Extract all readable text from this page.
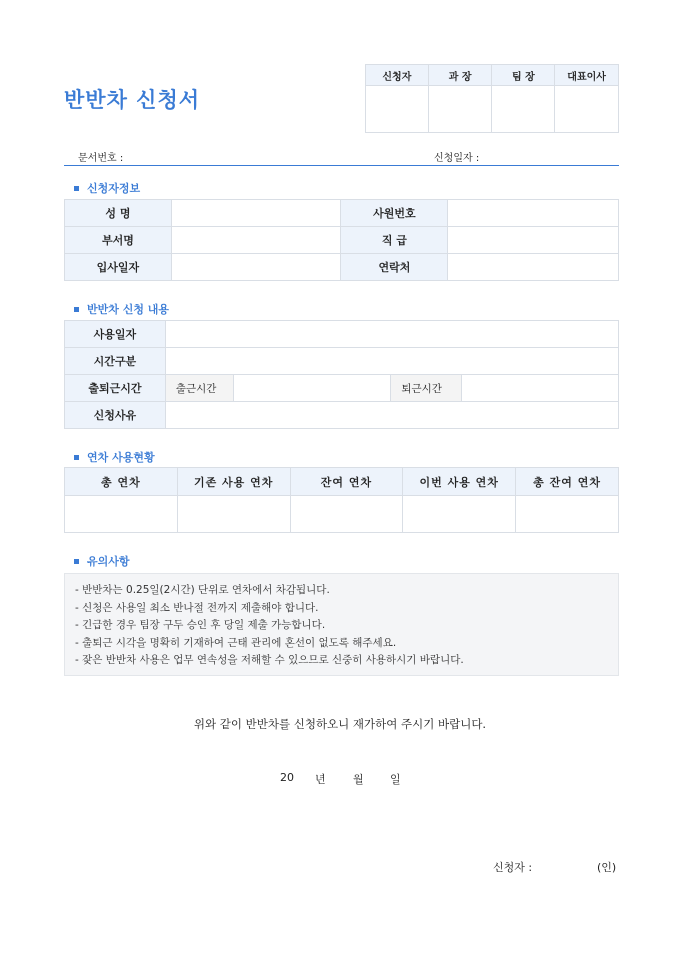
반반차 신청서
신청자	과 장	팀 장	대표이사

문서번호 :	신청일자 :
신청자정보
성 명		사원번호	
부서명		직 급	
입사일자		연락처	
반반차 신청 내용
사용일자				
시간구분				
출퇴근시간	출근시간		퇴근시간	
신청사유				
연차 사용현황
총 연차	기존 사용 연차	잔여 연차	이번 사용 연차	총 잔여 연차

유의사항
- 반반차는 0.25일(2시간) 단위로 연차에서 차감됩니다.
- 신청은 사용일 최소 반나절 전까지 제출해야 합니다.
- 긴급한 경우 팀장 구두 승인 후 당일 제출 가능합니다.
- 출퇴근 시각을 명확히 기재하여 근태 관리에 혼선이 없도록 해주세요.
- 잦은 반반차 사용은 업무 연속성을 저해할 수 있으므로 신중히 사용하시기 바랍니다.
위와 같이 반반차를 신청하오니 재가하여 주시기 바랍니다.
20 년 월 일
신청자 :	(인)
